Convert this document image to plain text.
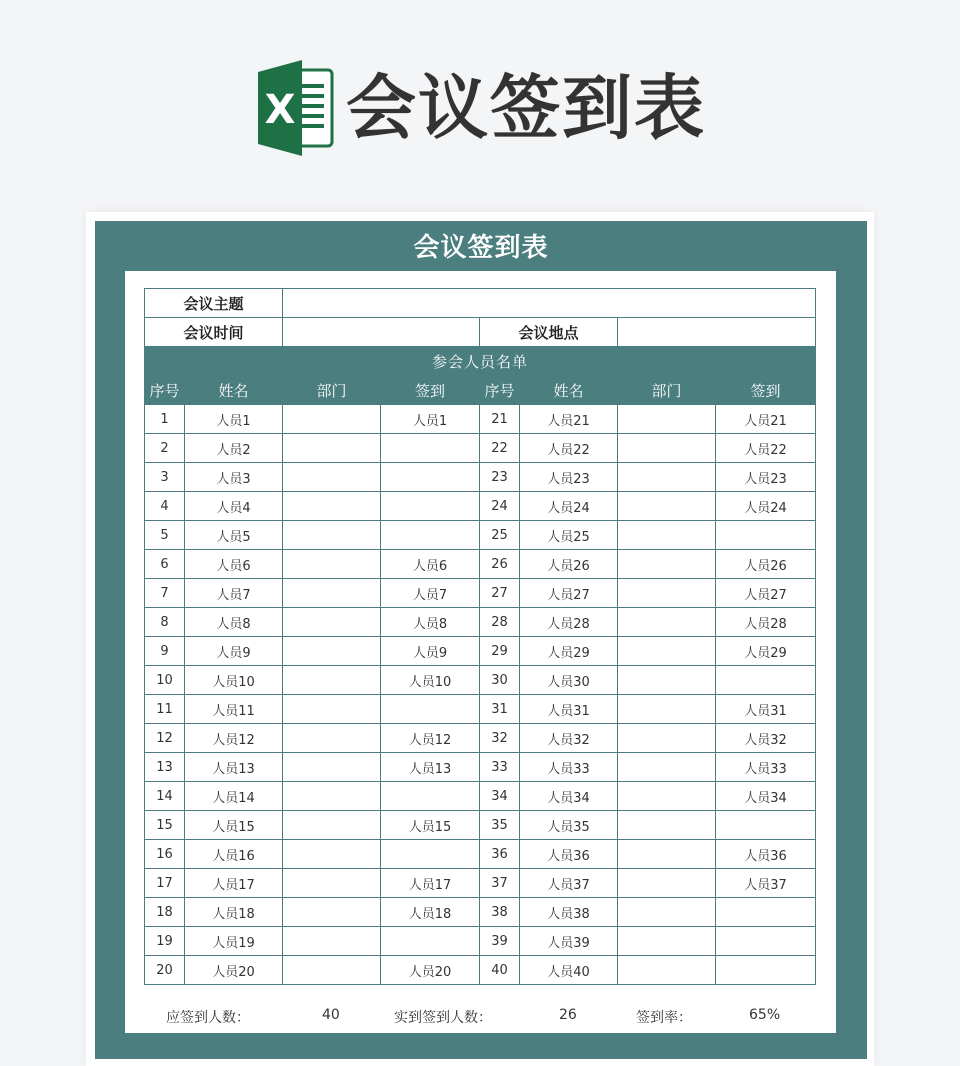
X 会议签到表
会议签到表
会议主题							
会议时间				会议地点			
参会人员名单							
序号	姓名	部门	签到	序号	姓名	部门	签到
1	人员1		人员1	21	人员21		人员21
2	人员2			22	人员22		人员22
3	人员3			23	人员23		人员23
4	人员4			24	人员24		人员24
5	人员5			25	人员25		
6	人员6		人员6	26	人员26		人员26
7	人员7		人员7	27	人员27		人员27
8	人员8		人员8	28	人员28		人员28
9	人员9		人员9	29	人员29		人员29
10	人员10		人员10	30	人员30		
11	人员11			31	人员31		人员31
12	人员12		人员12	32	人员32		人员32
13	人员13		人员13	33	人员33		人员33
14	人员14			34	人员34		人员34
15	人员15		人员15	35	人员35		
16	人员16			36	人员36		人员36
17	人员17		人员17	37	人员37		人员37
18	人员18		人员18	38	人员38		
19	人员19			39	人员39		
20	人员20		人员20	40	人员40		
应签到人数：	40	实到签到人数：	26	签到率：	65%
